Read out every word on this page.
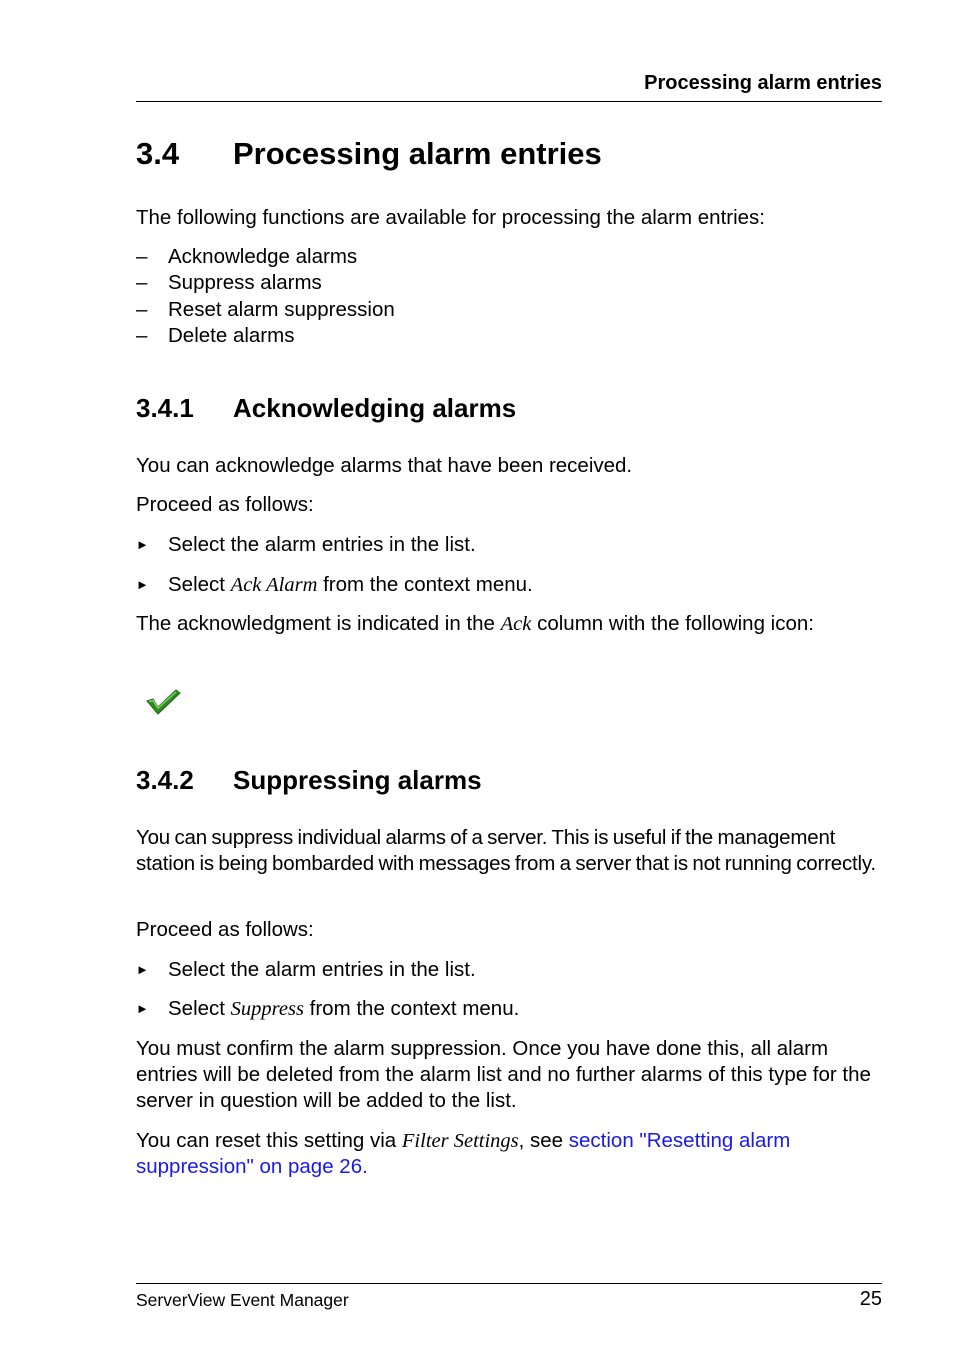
Processing alarm entries
3.4 Processing alarm entries
The following functions are available for processing the alarm entries:
– Acknowledge alarms
– Suppress alarms
– Reset alarm suppression
– Delete alarms
3.4.1 Acknowledging alarms
You can acknowledge alarms that have been received.
Proceed as follows:
► Select the alarm entries in the list.
► Select Ack Alarm from the context menu.
The acknowledgment is indicated in the Ack column with the following icon:
3.4.2 Suppressing alarms
You can suppress individual alarms of a server. This is useful if the management station is being bombarded with messages from a server that is not running correctly.
Proceed as follows:
► Select the alarm entries in the list.
► Select Suppress from the context menu.
You must confirm the alarm suppression. Once you have done this, all alarm entries will be deleted from the alarm list and no further alarms of this type for the server in question will be added to the list.
You can reset this setting via Filter Settings, see section "Resetting alarm suppression" on page 26.
ServerView Event Manager	25
